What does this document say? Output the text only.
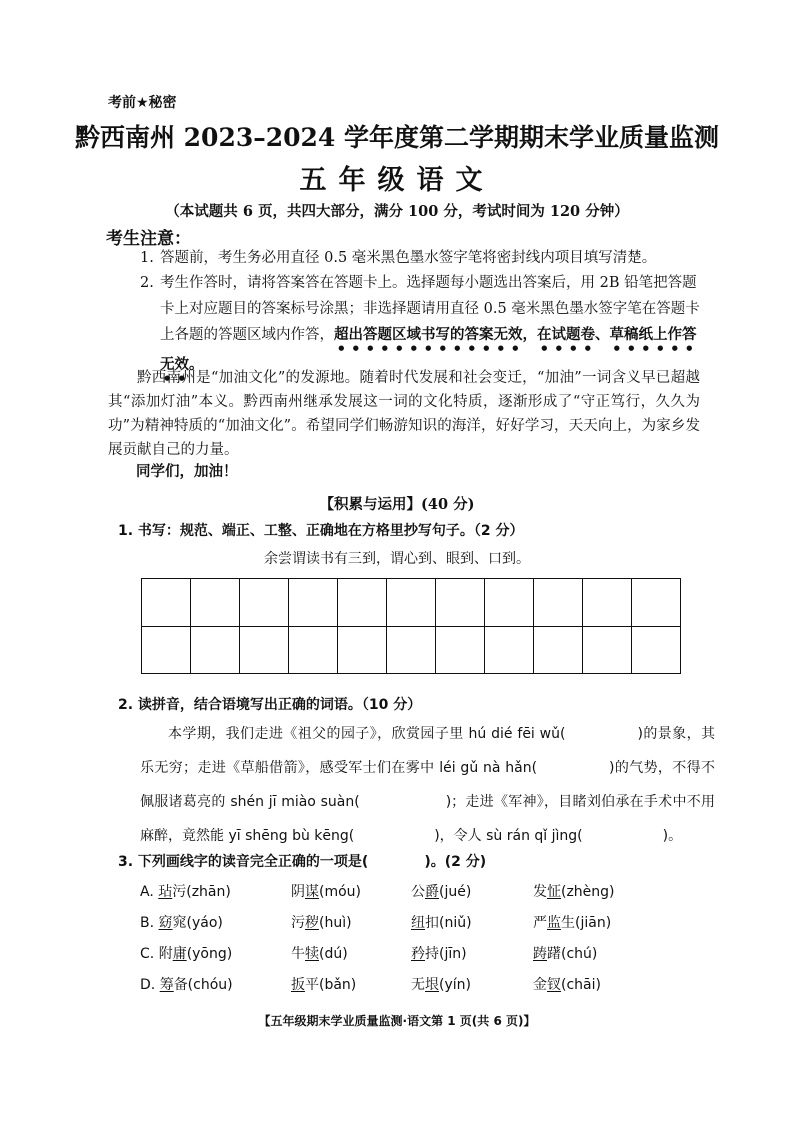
考前★秘密
黔西南州 2023–2024 学年度第二学期期末学业质量监测
五年级语文
（本试题共 6 页，共四大部分，满分 100 分，考试时间为 120 分钟）
考生注意：
1. 答题前，考生务必用直径 0.5 毫米黑色墨水签字笔将密封线内项目填写清楚。
2. 考生作答时，请将答案答在答题卡上。选择题每小题选出答案后，用 2B 铅笔把答题卡上对应题目的答案标号涂黑；非选择题请用直径 0.5 毫米黑色墨水签字笔在答题卡上各题的答题区域内作答，超出答题区域书写的答案无效，在试题卷、草稿纸上作答无效。
黔西南州是“加油文化”的发源地。随着时代发展和社会变迁，“加油”一词含义早已超越其“添加灯油”本义。黔西南州继承发展这一词的文化特质，逐渐形成了“守正笃行，久久为功”为精神特质的“加油文化”。希望同学们畅游知识的海洋，好好学习，天天向上，为家乡发展贡献自己的力量。
同学们，加油！
【积累与运用】(40 分)
1. 书写：规范、端正、工整、正确地在方格里抄写句子。（2 分）
余尝谓读书有三到，谓心到、眼到、口到。
2. 读拼音，结合语境写出正确的词语。（10 分）
本学期，我们走进《祖父的园子》，欣赏园子里 hú dié fēi wǔ(	)的景象，其乐无穷；走进《草船借箭》，感受军士们在雾中 léi gǔ nà hǎn(	)的气势，不得不佩服诸葛亮的 shén jī miào suàn(	)；走进《军神》，目睹刘伯承在手术中不用麻醉，竟然能 yī shēng bù kēng(	)，令人 sù rán qǐ jìng(	)。
3. 下列画线字的读音完全正确的一项是(　　　　)。(2 分)
A. 玷污(zhān)	阴谋(móu)	公爵(jué)	发怔(zhèng)
B. 窈窕(yáo)	污秽(huì)	纽扣(niǔ)	严监生(jiān)
C. 附庸(yōng)	牛犊(dú)	矜持(jīn)	踌躇(chú)
D. 筹备(chóu)	扳平(bǎn)	无垠(yín)	金钗(chāi)
【五年级期末学业质量监测·语文第 1 页(共 6 页)】
